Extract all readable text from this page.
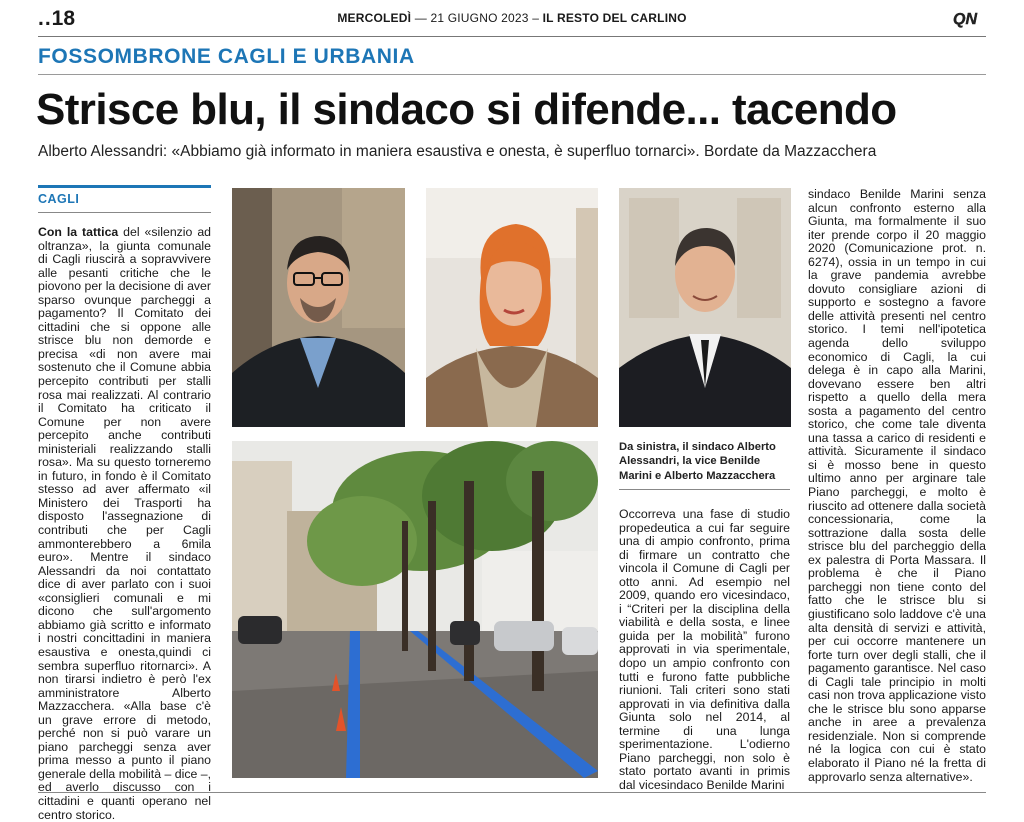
..18	MERCOLEDÌ — 21 GIUGNO 2023 – IL RESTO DEL CARLINO	QN
FOSSOMBRONE CAGLI E URBANIA
Strisce blu, il sindaco si difende... tacendo
Alberto Alessandri: «Abbiamo già informato in maniera esaustiva e onesta, è superfluo tornarci». Bordate da Mazzacchera
CAGLI

Con la tattica del «silenzio ad oltranza», la giunta comunale di Cagli riuscirà a sopravvivere alle pesanti critiche che le piovono per la decisione di aver sparso ovunque parcheggi a pagamento? Il Comitato dei cittadini che si oppone alle strisce blu non demorde e precisa «di non avere mai sostenuto che il Comune abbia percepito contributi per stalli rosa mai realizzati. Al contrario il Comitato ha criticato il Comune per non avere percepito anche contributi ministeriali realizzando stalli rosa». Ma su questo torneremo in futuro, in fondo è il Comitato stesso ad aver affermato «il Ministero dei Trasporti ha disposto l'assegnazione di contributi che per Cagli ammonterebbero a 6mila euro». Mentre il sindaco Alessandri da noi contattato dice di aver parlato con i suoi «consiglieri comunali e mi dicono che sull'argomento abbiamo già scritto e informato i nostri concittadini in maniera esaustiva e onesta,quindi ci sembra superfluo ritornarci». A non tirarsi indietro è però l'ex amministratore Alberto Mazzacchera. «Alla base c'è un grave errore di metodo, perché non si può varare un piano parcheggi senza aver prima messo a punto il piano generale della mobilità – dice –, ed averlo discusso con i cittadini e quanti operano nel centro storico.

Da sinistra, il sindaco Alberto Alessandri, la vice Benilde Marini e Alberto Mazzacchera

Occorreva una fase di studio propedeutica a cui far seguire una di ampio confronto, prima di firmare un contratto che vincola il Comune di Cagli per otto anni. Ad esempio nel 2009, quando ero vicesindaco, i “Criteri per la disciplina della viabilità e della sosta, e linee guida per la mobilità” furono approvati in via sperimentale, dopo un ampio confronto con tutti e furono fatte pubbliche riunioni. Tali criteri sono stati approvati in via definitiva dalla Giunta solo nel 2014, al termine di una lunga sperimentazione. L'odierno Piano parcheggi, non solo è stato portato avanti in primis dal vicesindaco Benilde Marini

sindaco Benilde Marini senza alcun confronto esterno alla Giunta, ma formalmente il suo iter prende corpo il 20 maggio 2020 (Comunicazione prot. n. 6274), ossia in un tempo in cui la grave pandemia avrebbe dovuto consigliare azioni di supporto e sostegno a favore delle attività presenti nel centro storico. I temi nell'ipotetica agenda dello sviluppo economico di Cagli, la cui delega è in capo alla Marini, dovevano essere ben altri rispetto a quello della mera sosta a pagamento del centro storico, che come tale diventa una tassa a carico di residenti e attività. Sicuramente il sindaco si è mosso bene in questo ultimo anno per arginare tale Piano parcheggi, e molto è riuscito ad ottenere dalla società concessionaria, come la sottrazione dalla sosta delle strisce blu del parcheggio della ex palestra di Porta Massara. Il problema è che il Piano parcheggi non tiene conto del fatto che le strisce blu si giustificano solo laddove c'è una alta densità di servizi e attività, per cui occorre mantenere un forte turn over degli stalli, che il pagamento garantisce. Nel caso di Cagli tale principio in molti casi non trova applicazione visto che le strisce blu sono apparse anche in aree a prevalenza residenziale. Non si comprende né la logica con cui è stato elaborato il Piano né la fretta di approvarlo senza alternative».
